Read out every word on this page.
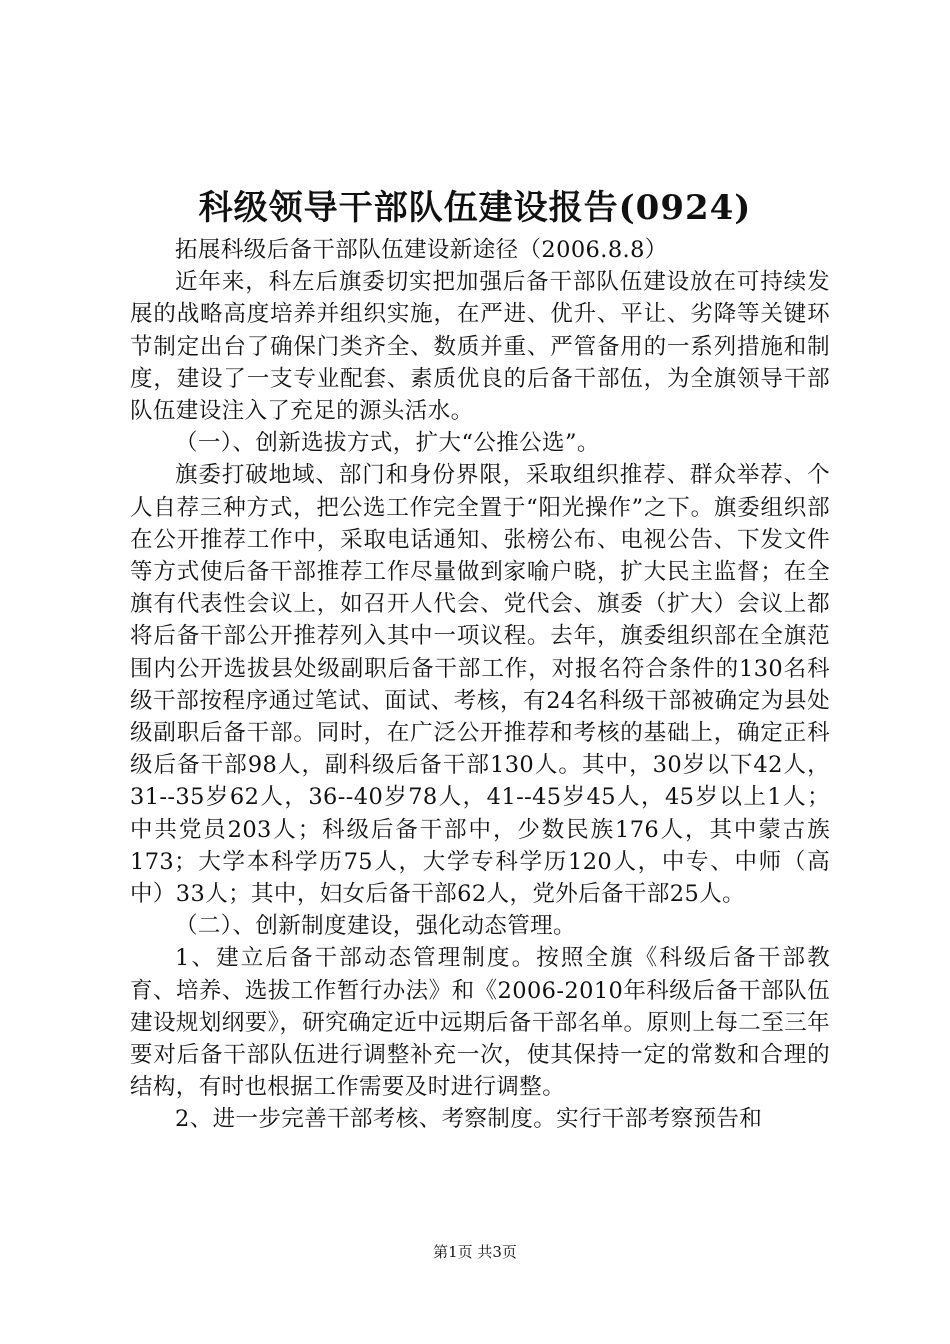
科级领导干部队伍建设报告(0924)

拓展科级后备干部队伍建设新途径（2006.8.8）

近年来，科左后旗委切实把加强后备干部队伍建设放在可持续发展的战略高度培养并组织实施，在严进、优升、平让、劣降等关键环节制定出台了确保门类齐全、数质并重、严管备用的一系列措施和制度，建设了一支专业配套、素质优良的后备干部伍，为全旗领导干部队伍建设注入了充足的源头活水。

（一）、创新选拔方式，扩大“公推公选”。

旗委打破地域、部门和身份界限，采取组织推荐、群众举荐、个人自荐三种方式，把公选工作完全置于“阳光操作”之下。旗委组织部在公开推荐工作中，采取电话通知、张榜公布、电视公告、下发文件等方式使后备干部推荐工作尽量做到家喻户晓，扩大民主监督；在全旗有代表性会议上，如召开人代会、党代会、旗委（扩大）会议上都将后备干部公开推荐列入其中一项议程。去年，旗委组织部在全旗范围内公开选拔县处级副职后备干部工作，对报名符合条件的130名科级干部按程序通过笔试、面试、考核，有24名科级干部被确定为县处级副职后备干部。同时，在广泛公开推荐和考核的基础上，确定正科级后备干部98人，副科级后备干部130人。其中，30岁以下42人，31--35岁62人，36--40岁78人，41--45岁45人，45岁以上1人；中共党员203人；科级后备干部中，少数民族176人，其中蒙古族173；大学本科学历75人，大学专科学历120人，中专、中师（高中）33人；其中，妇女后备干部62人，党外后备干部25人。

（二）、创新制度建设，强化动态管理。

1、建立后备干部动态管理制度。按照全旗《科级后备干部教育、培养、选拔工作暂行办法》和《2006-2010年科级后备干部队伍建设规划纲要》，研究确定近中远期后备干部名单。原则上每二至三年要对后备干部队伍进行调整补充一次，使其保持一定的常数和合理的结构，有时也根据工作需要及时进行调整。

2、进一步完善干部考核、考察制度。实行干部考察预告和

第1页 共3页
